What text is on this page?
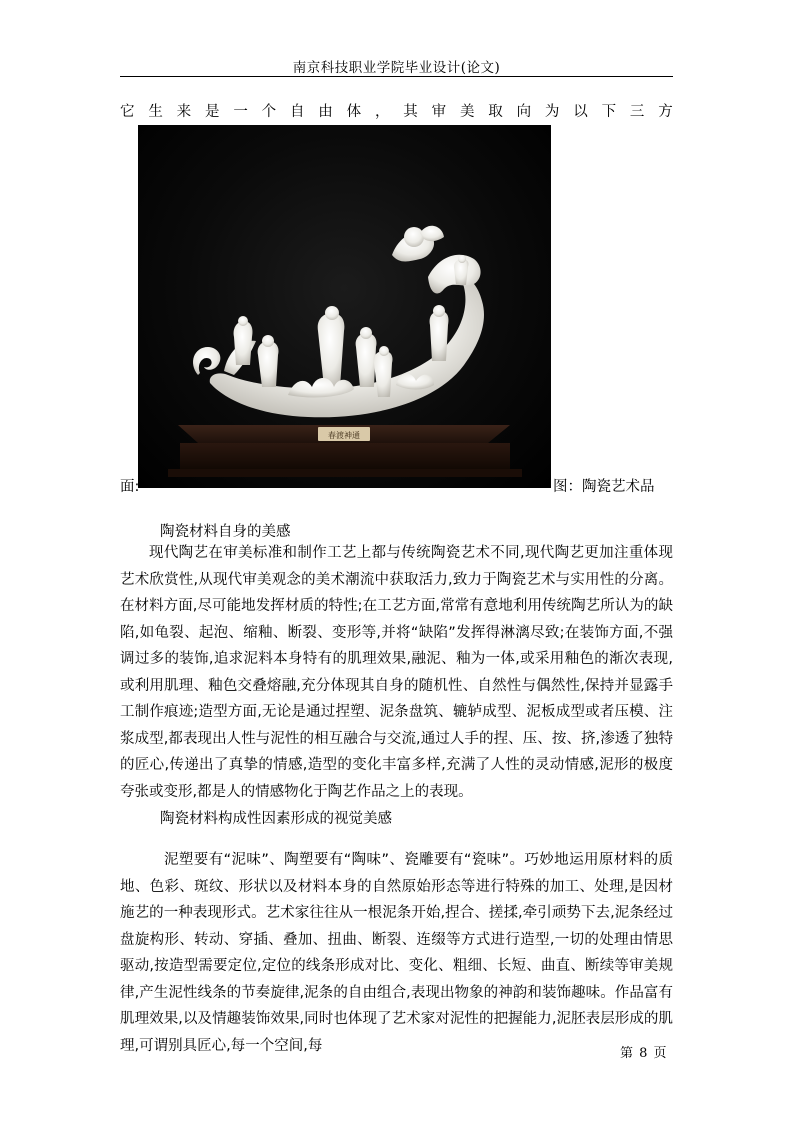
南京科技职业学院毕业设计(论文)
它 生 来 是 一 个 自 由 体 ， 其 审 美 取 向 为 以 下 三 方
春渡神通
面:	图：陶瓷艺术品
陶瓷材料自身的美感

现代陶艺在审美标准和制作工艺上都与传统陶瓷艺术不同,现代陶艺更加注重体现艺术欣赏性,从现代审美观念的美术潮流中获取活力,致力于陶瓷艺术与实用性的分离。在材料方面,尽可能地发挥材质的特性;在工艺方面,常常有意地利用传统陶艺所认为的缺陷,如龟裂、起泡、缩釉、断裂、变形等,并将“缺陷”发挥得淋漓尽致;在装饰方面,不强调过多的装饰,追求泥料本身特有的肌理效果,融泥、釉为一体,或采用釉色的渐次表现,或利用肌理、釉色交叠熔融,充分体现其自身的随机性、自然性与偶然性,保持并显露手工制作痕迹;造型方面,无论是通过捏塑、泥条盘筑、辘轳成型、泥板成型或者压模、注浆成型,都表现出人性与泥性的相互融合与交流,通过人手的捏、压、按、挤,渗透了独特的匠心,传递出了真挚的情感,造型的变化丰富多样,充满了人性的灵动情感,泥形的极度夸张或变形,都是人的情感物化于陶艺作品之上的表现。

陶瓷材料构成性因素形成的视觉美感

泥塑要有“泥味”、陶塑要有“陶味”、瓷雕要有“瓷味”。巧妙地运用原材料的质地、色彩、斑纹、形状以及材料本身的自然原始形态等进行特殊的加工、处理,是因材施艺的一种表现形式。艺术家往往从一根泥条开始,捏合、搓揉,牵引顽势下去,泥条经过盘旋构形、转动、穿插、叠加、扭曲、断裂、连缀等方式进行造型,一切的处理由情思驱动,按造型需要定位,定位的线条形成对比、变化、粗细、长短、曲直、断续等审美规律,产生泥性线条的节奏旋律,泥条的自由组合,表现出物象的神韵和装饰趣味。作品富有肌理效果,以及情趣装饰效果,同时也体现了艺术家对泥性的把握能力,泥胚表层形成的肌理,可谓别具匠心,每一个空间,每	第 8 页
